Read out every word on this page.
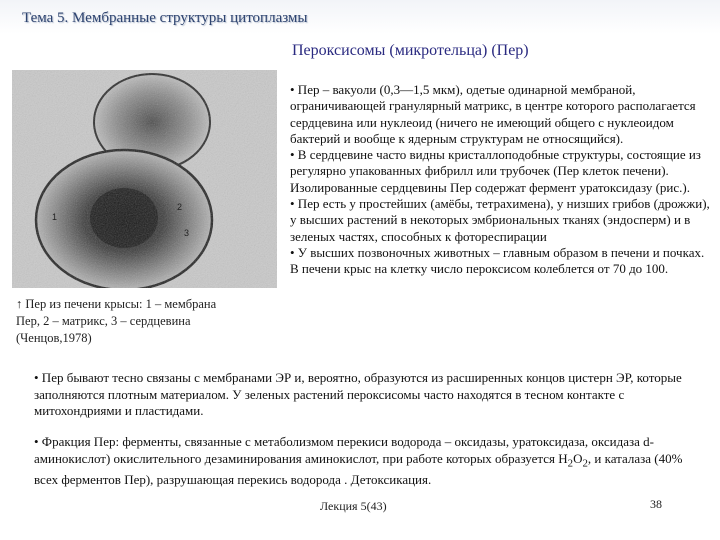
Тема 5. Мембранные структуры цитоплазмы
Пероксисомы (микротельца) (Пер)
1
2
3
↑ Пер из печени крысы: 1 – мембрана
Пер, 2 – матрикс, 3 – сердцевина
(Ченцов,1978)

• Пер – вакуоли (0,3—1,5 мкм), одетые одинарной мембраной, ограничивающей гранулярный матрикс, в центре которого располагается сердцевина или нуклеоид (ничего не имеющий общего с нуклеоидом бактерий и вообще к ядерным структурам не относящийся).

• В сердцевине часто видны кристаллоподобные структуры, состоящие из регулярно упакованных фибрилл или трубочек (Пер клеток печени). Изолированные сердцевины Пер содержат фермент уратоксидазу (рис.).

• Пер есть у простейших (амёбы, тетрахимена), у низших грибов (дрожжи), у высших растений в некоторых эмбриональных тканях (эндосперм) и в зеленых частях, способных к фотореспирации

• У высших позвоночных животных – главным образом в печени и почках. В печени крыс на клетку число пероксисом колеблется от 70 до 100.

• Пер бывают тесно связаны с мембранами ЭР и, вероятно, образуются из расширенных концов цистерн ЭР, которые заполняются плотным материалом. У зеленых растений пероксисомы часто находятся в тесном контакте с митохондриями и пластидами.

• Фракция Пер: ферменты, связанные с метаболизмом перекиси водорода – оксидазы, уратоксидаза, оксидаза d-аминокислот) окислительного дезаминирования аминокислот, при работе которых образуется $Н_2О_2$, и каталаза (40% всех ферментов Пер), разрушающая перекись водорода . Детоксикация.

Лекция 5(43)	38
